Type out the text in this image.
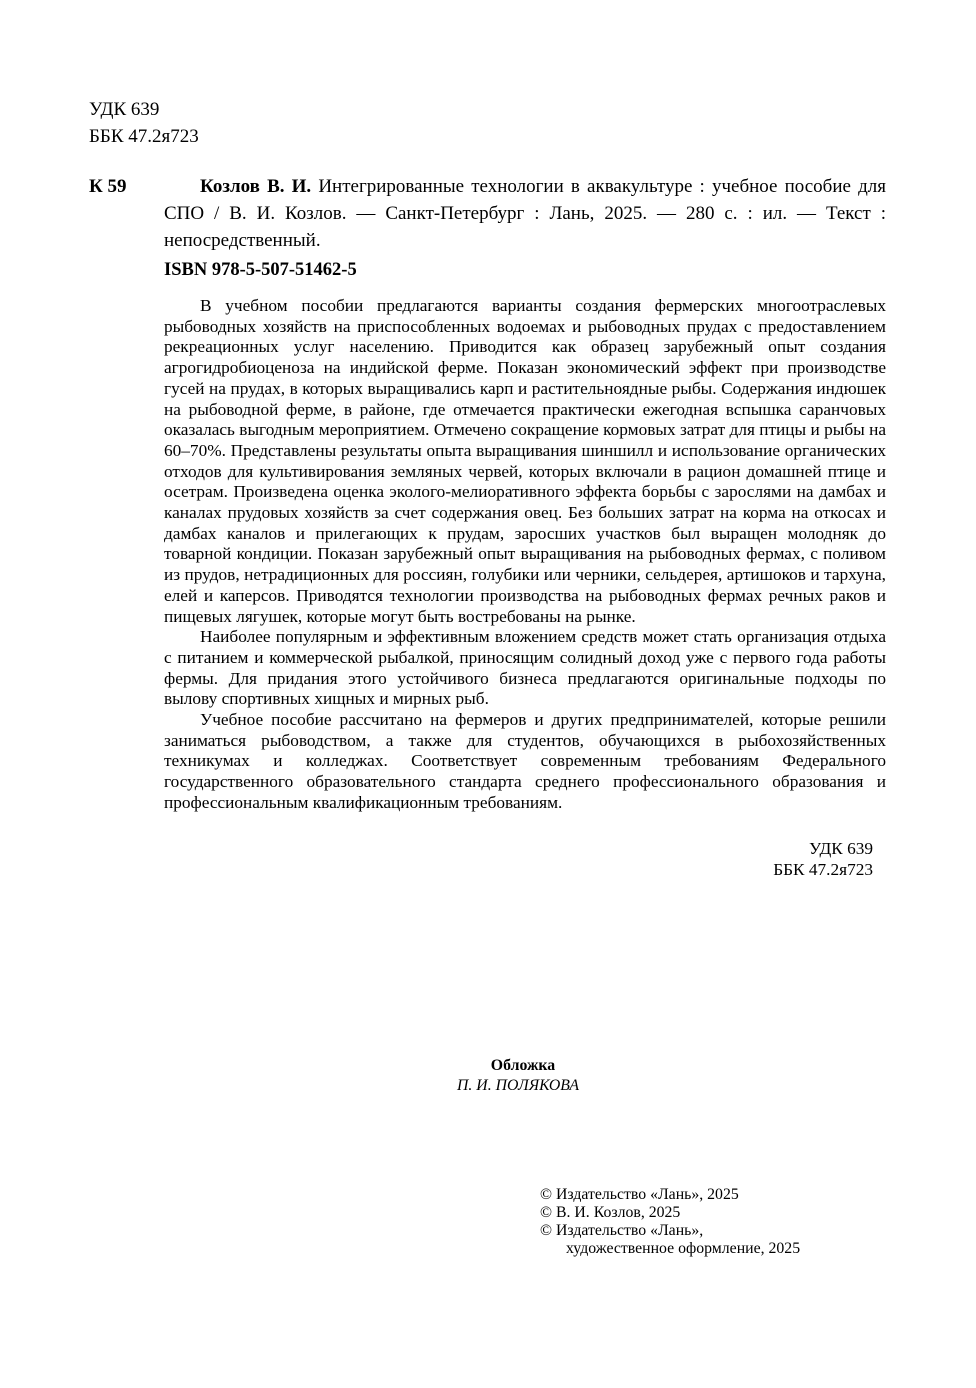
УДК 639
ББК 47.2я723
К 59	Козлов В. И. Интегрированные технологии в аквакультуре : учебное пособие для СПО / В. И. Козлов. — Санкт-Петербург : Лань, 2025. — 280 с. : ил. — Текст : непосредственный.
ISBN 978-5-507-51462-5

В учебном пособии предлагаются варианты создания фермерских многоотраслевых рыбоводных хозяйств на приспособленных водоемах и рыбоводных прудах с предоставлением рекреационных услуг населению. Приводится как образец зарубежный опыт создания агрогидробиоценоза на индийской ферме. Показан экономический эффект при производстве гусей на прудах, в которых выращивались карп и растительноядные рыбы. Содержания индюшек на рыбоводной ферме, в районе, где отмечается практически ежегодная вспышка саранчовых оказалась выгодным мероприятием. Отмечено сокращение кормовых затрат для птицы и рыбы на 60–70%. Представлены результаты опыта выращивания шиншилл и использование органических отходов для культивирования земляных червей, которых включали в рацион домашней птице и осетрам. Произведена оценка эколого-мелиоративного эффекта борьбы с зарослями на дамбах и каналах прудовых хозяйств за счет содержания овец. Без больших затрат на корма на откосах и дамбах каналов и прилегающих к прудам, заросших участков был выращен молодняк до товарной кондиции. Показан зарубежный опыт выращивания на рыбоводных фермах, с поливом из прудов, нетрадиционных для россиян, голубики или черники, сельдерея, артишоков и тархуна, елей и каперсов. Приводятся технологии производства на рыбоводных фермах речных раков и пищевых лягушек, которые могут быть востребованы на рынке.

Наиболее популярным и эффективным вложением средств может стать организация отдыха с питанием и коммерческой рыбалкой, приносящим солидный доход уже с первого года работы фермы. Для придания этого устойчивого бизнеса предлагаются оригинальные подходы по вылову спортивных хищных и мирных рыб.

Учебное пособие рассчитано на фермеров и других предпринимателей, которые решили заниматься рыбоводством, а также для студентов, обучающихся в рыбохозяйственных техникумах и колледжах. Соответствует современным требованиям Федерального государственного образовательного стандарта среднего профессионального образования и профессиональным квалификационным требованиям.

УДК 639
ББК 47.2я723
Обложка
П. И. ПОЛЯКОВА
© Издательство «Лань», 2025
© В. И. Козлов, 2025
© Издательство «Лань»,
художественное оформление, 2025
